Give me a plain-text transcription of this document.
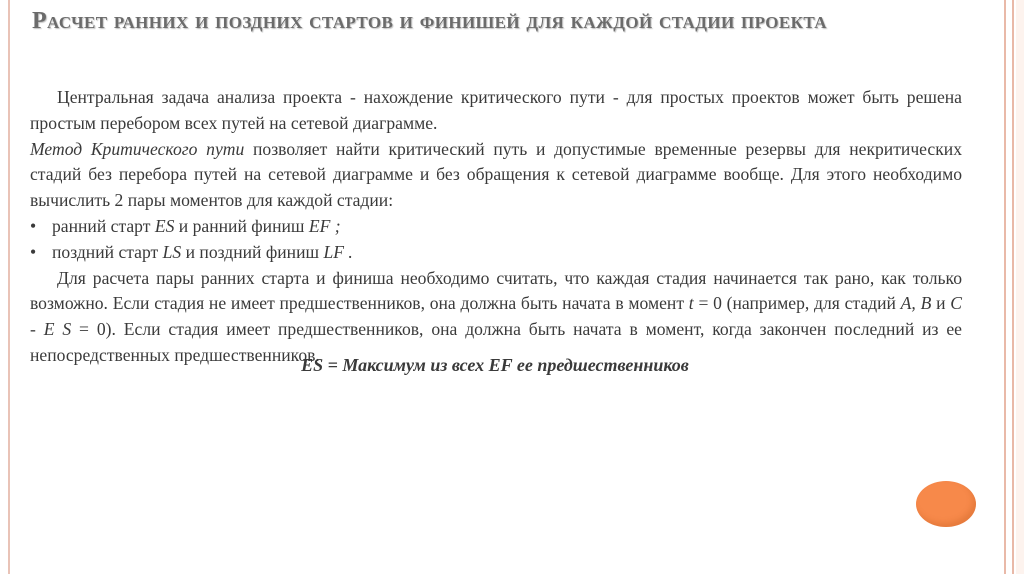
Расчет ранних и поздних стартов и финишей для каждой стадии проекта

Центральная задача анализа проекта - нахождение критического пути - для простых проектов может быть решена простым перебором всех путей на сетевой диаграмме.

Метод Критического пути позволяет найти критический путь и допустимые временные резервы для некритических стадий без перебора путей на сетевой диаграмме и без обращения к сетевой диаграмме вообще. Для этого необходимо вычислить 2 пары моментов для каждой стадии:

• ранний старт ES и ранний финиш EF ;

• поздний старт LS и поздний финиш LF .

Для расчета пары ранних старта и финиша необходимо считать, что каждая стадия начинается так рано, как только возможно. Если стадия не имеет предшественников, она должна быть начата в момент t = 0 (например, для стадий А, В и С - E S = 0). Если стадия имеет предшественников, она должна быть начата в момент, когда закончен последний из ее непосредственных предшественников.

ES = Максимум из всех EF ее предшественников
